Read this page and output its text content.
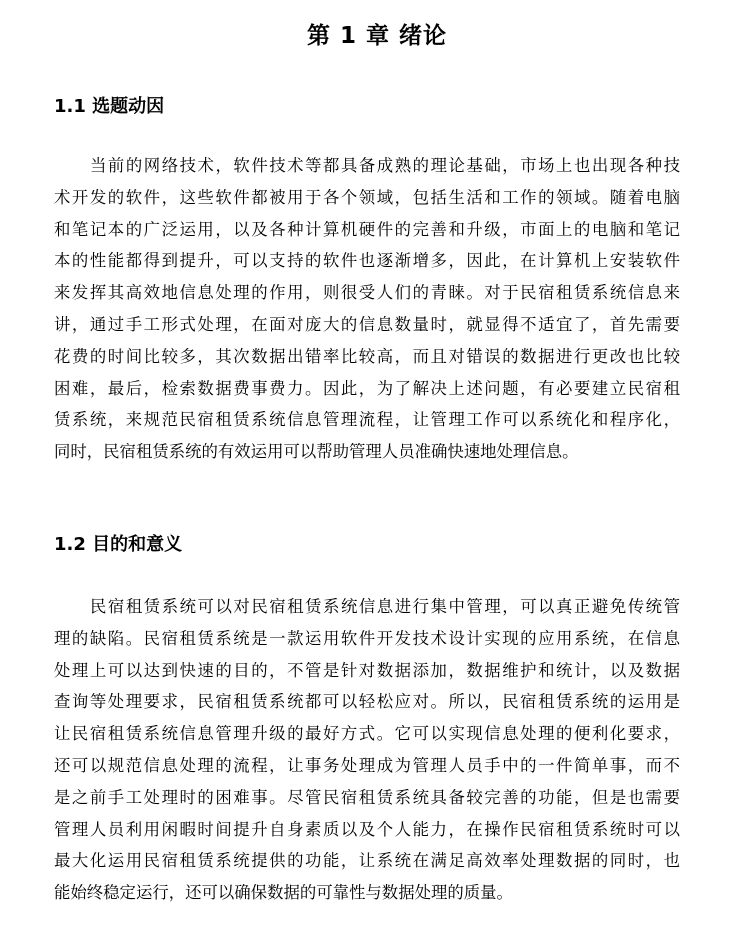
第 1 章 绪论
1.1 选题动因
当前的网络技术，软件技术等都具备成熟的理论基础，市场上也出现各种技
术开发的软件，这些软件都被用于各个领域，包括生活和工作的领域。随着电脑
和笔记本的广泛运用，以及各种计算机硬件的完善和升级，市面上的电脑和笔记
本的性能都得到提升，可以支持的软件也逐渐增多，因此，在计算机上安装软件
来发挥其高效地信息处理的作用，则很受人们的青睐。对于民宿租赁系统信息来
讲，通过手工形式处理，在面对庞大的信息数量时，就显得不适宜了，首先需要
花费的时间比较多，其次数据出错率比较高，而且对错误的数据进行更改也比较
困难，最后，检索数据费事费力。因此，为了解决上述问题，有必要建立民宿租
赁系统，来规范民宿租赁系统信息管理流程，让管理工作可以系统化和程序化，
同时，民宿租赁系统的有效运用可以帮助管理人员准确快速地处理信息。
1.2 目的和意义
民宿租赁系统可以对民宿租赁系统信息进行集中管理，可以真正避免传统管
理的缺陷。民宿租赁系统是一款运用软件开发技术设计实现的应用系统，在信息
处理上可以达到快速的目的，不管是针对数据添加，数据维护和统计，以及数据
查询等处理要求，民宿租赁系统都可以轻松应对。所以，民宿租赁系统的运用是
让民宿租赁系统信息管理升级的最好方式。它可以实现信息处理的便利化要求，
还可以规范信息处理的流程，让事务处理成为管理人员手中的一件简单事，而不
是之前手工处理时的困难事。尽管民宿租赁系统具备较完善的功能，但是也需要
管理人员利用闲暇时间提升自身素质以及个人能力，在操作民宿租赁系统时可以
最大化运用民宿租赁系统提供的功能，让系统在满足高效率处理数据的同时，也
能始终稳定运行，还可以确保数据的可靠性与数据处理的质量。
